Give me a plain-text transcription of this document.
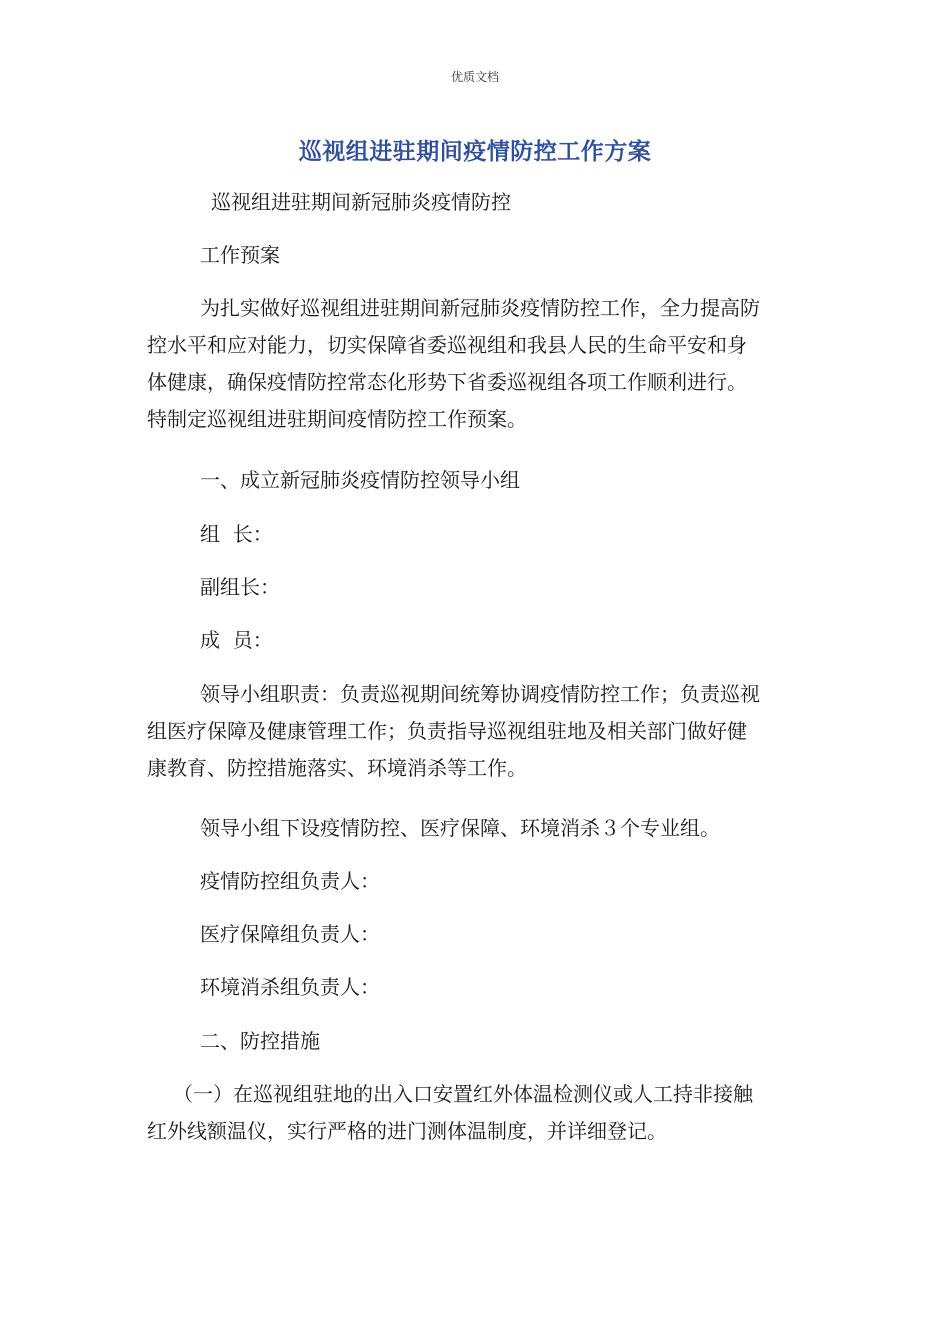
优质文档
巡视组进驻期间疫情防控工作方案
巡视组进驻期间新冠肺炎疫情防控
工作预案

为扎实做好巡视组进驻期间新冠肺炎疫情防控工作，全力提高防

控水平和应对能力，切实保障省委巡视组和我县人民的生命平安和身

体健康，确保疫情防控常态化形势下省委巡视组各项工作顺利进行。

特制定巡视组进驻期间疫情防控工作预案。

一、成立新冠肺炎疫情防控领导小组
组  长：
副组长：
成  员：

领导小组职责：负责巡视期间统筹协调疫情防控工作；负责巡视

组医疗保障及健康管理工作；负责指导巡视组驻地及相关部门做好健

康教育、防控措施落实、环境消杀等工作。

领导小组下设疫情防控、医疗保障、环境消杀３个专业组。
疫情防控组负责人：
医疗保障组负责人：
环境消杀组负责人：
二、防控措施

（一）在巡视组驻地的出入口安置红外体温检测仪或人工持非接触

红外线额温仪，实行严格的进门测体温制度，并详细登记。
